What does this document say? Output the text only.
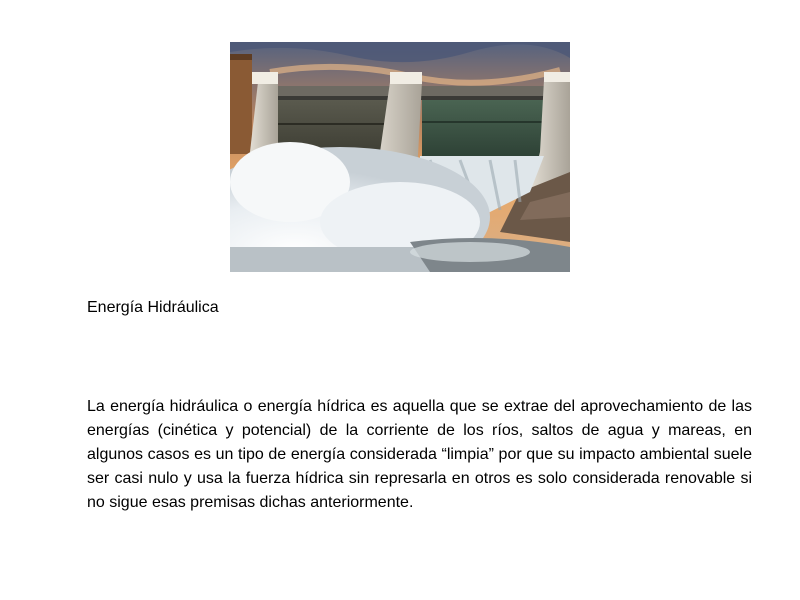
Energía Hidráulica

La energía hidráulica o energía hídrica es aquella que se extrae del aprovechamiento de las energías (cinética y potencial) de la corriente de los ríos, saltos de agua y mareas, en algunos casos es un tipo de energía considerada “limpia” por que su impacto ambiental suele ser casi nulo y usa la fuerza hídrica sin represarla en otros es solo considerada renovable si no sigue esas premisas dichas anteriormente.
